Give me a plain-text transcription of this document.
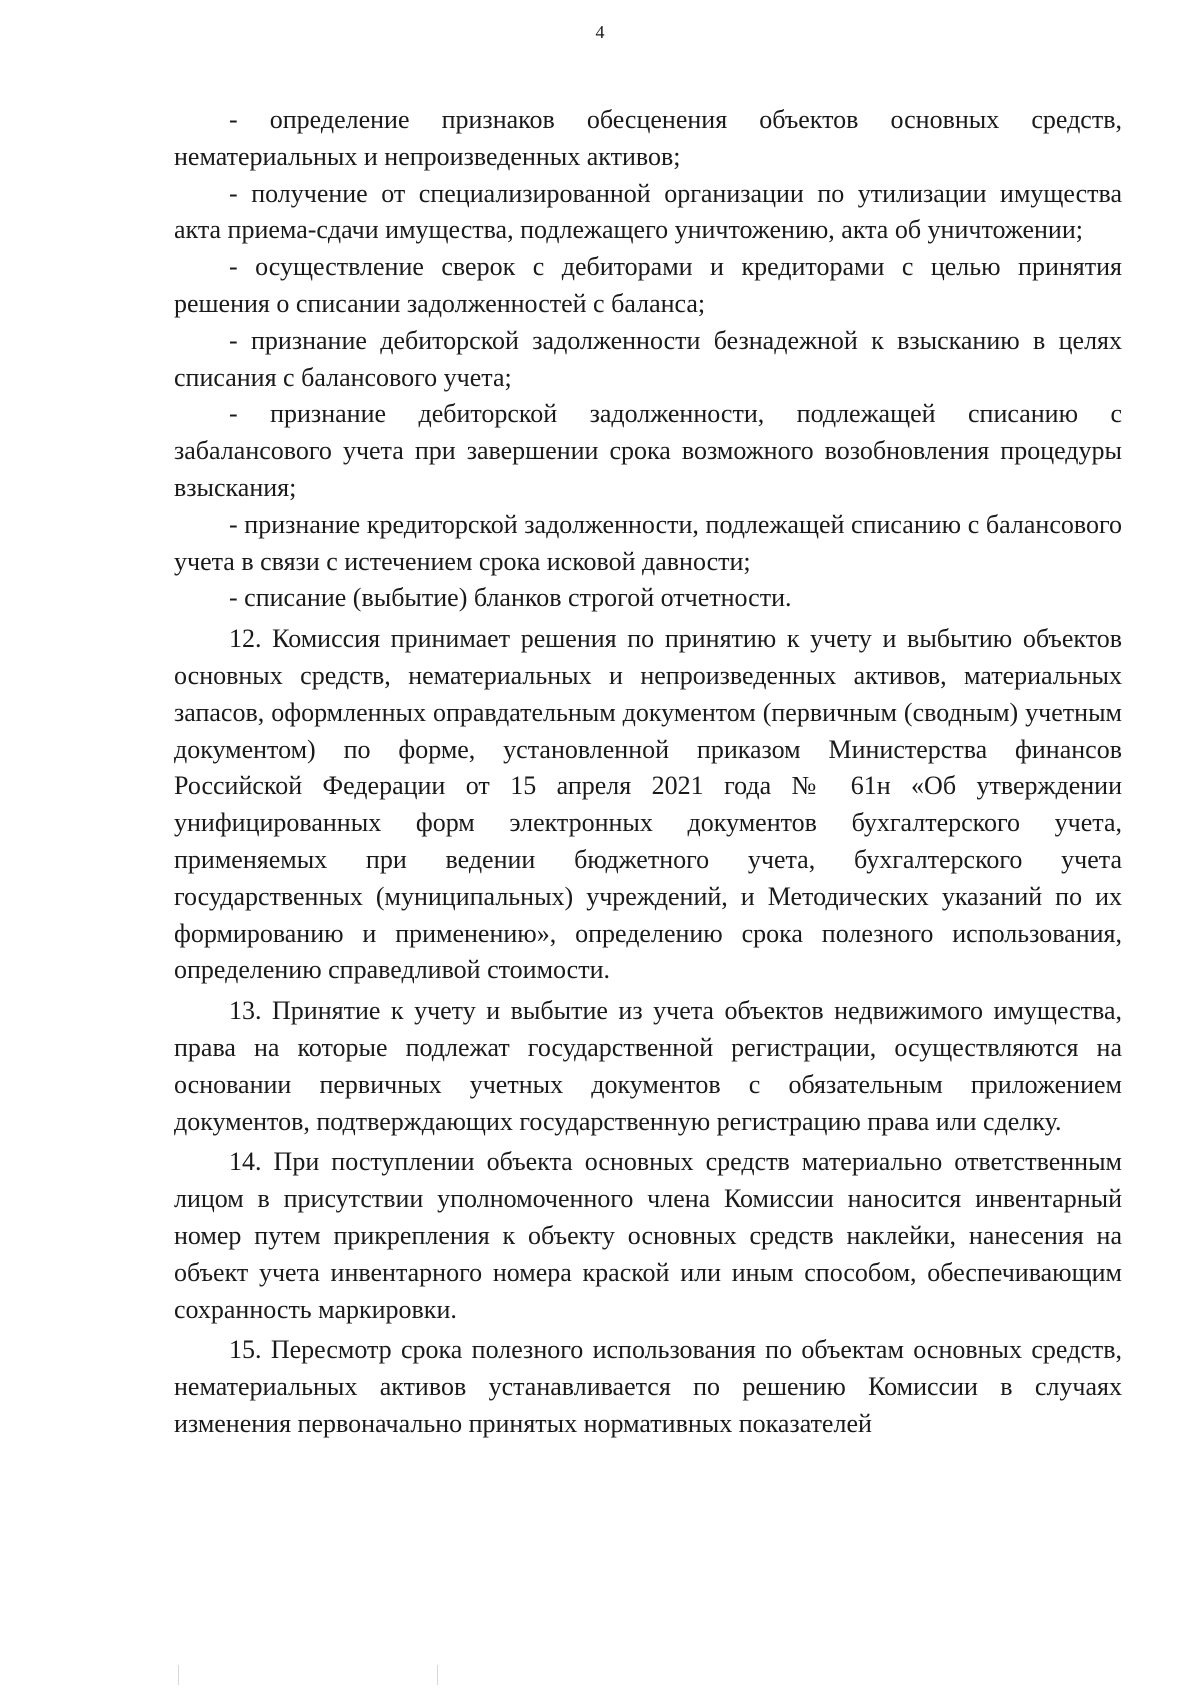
4

- определение признаков обесценения объектов основных средств, нематериальных и непроизведенных активов;

- получение от специализированной организации по утилизации имущества акта приема-сдачи имущества, подлежащего уничтожению, акта об уничтожении;

- осуществление сверок с дебиторами и кредиторами с целью принятия решения о списании задолженностей с баланса;

- признание дебиторской задолженности безнадежной к взысканию в целях списания с балансового учета;

- признание дебиторской задолженности, подлежащей списанию с забалансового учета при завершении срока возможного возобновления процедуры взыскания;

- признание кредиторской задолженности, подлежащей списанию с балансового учета в связи с истечением срока исковой давности;

- списание (выбытие) бланков строгой отчетности.

12. Комиссия принимает решения по принятию к учету и выбытию объектов основных средств, нематериальных и непроизведенных активов, материальных запасов, оформленных оправдательным документом (первичным (сводным) учетным документом) по форме, установленной приказом Министерства финансов Российской Федерации от 15 апреля 2021 года № 61н «Об утверждении унифицированных форм электронных документов бухгалтерского учета, применяемых при ведении бюджетного учета, бухгалтерского учета государственных (муниципальных) учреждений, и Методических указаний по их формированию и применению», определению срока полезного использования, определению справедливой стоимости.

13. Принятие к учету и выбытие из учета объектов недвижимого имущества, права на которые подлежат государственной регистрации, осуществляются на основании первичных учетных документов с обязательным приложением документов, подтверждающих государственную регистрацию права или сделку.

14. При поступлении объекта основных средств материально ответственным лицом в присутствии уполномоченного члена Комиссии наносится инвентарный номер путем прикрепления к объекту основных средств наклейки, нанесения на объект учета инвентарного номера краской или иным способом, обеспечивающим сохранность маркировки.

15. Пересмотр срока полезного использования по объектам основных средств, нематериальных активов устанавливается по решению Комиссии в случаях изменения первоначально принятых нормативных показателей
